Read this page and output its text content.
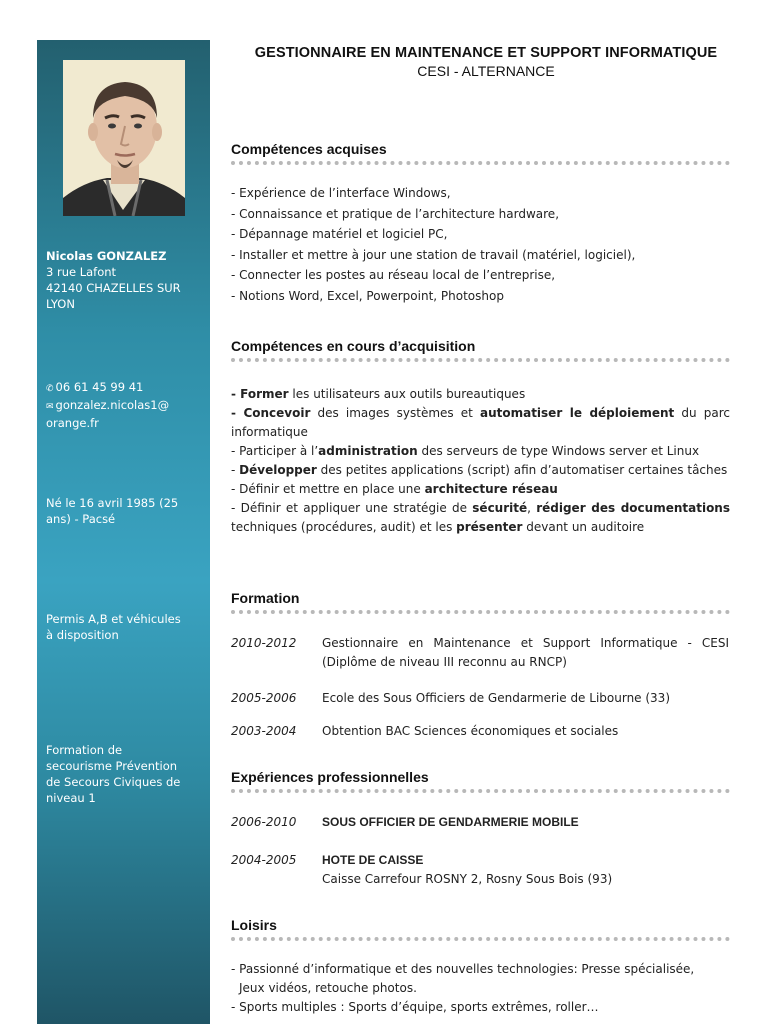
Nicolas GONZALEZ
3 rue Lafont
42140 CHAZELLES SUR
LYON
✆ 06 61 45 99 41
✉ gonzalez.nicolas1@
orange.fr
Né le 16 avril 1985 (25
ans) - Pacsé
Permis A,B et véhicules
à disposition
Formation de
secourisme Prévention
de Secours Civiques de
niveau 1
GESTIONNAIRE EN MAINTENANCE ET SUPPORT INFORMATIQUE
CESI - ALTERNANCE
Compétences acquises
- Expérience de l’interface Windows,
- Connaissance et pratique de l’architecture hardware,
- Dépannage matériel et logiciel PC,
- Installer et mettre à jour une station de travail (matériel, logiciel),
- Connecter les postes au réseau local de l’entreprise,
- Notions Word, Excel, Powerpoint, Photoshop
Compétences en cours d’acquisition

- Former les utilisateurs aux outils bureautiques

- Concevoir des images systèmes et automatiser le déploiement du parc informatique

- Participer à l’administration des serveurs de type Windows server et Linux

- Développer des petites applications (script) afin d’automatiser certaines tâches

- Définir et mettre en place une architecture réseau

- Définir et appliquer une stratégie de sécurité, rédiger des documentations techniques (procédures, audit) et les présenter devant un auditoire

Formation
2010-2012	Gestionnaire en Maintenance et Support Informatique - CESI (Diplôme de niveau III reconnu au RNCP)
2005-2006	Ecole des Sous Officiers de Gendarmerie de Libourne (33)
2003-2004	Obtention BAC Sciences économiques et sociales
Expériences professionnelles
2006-2010	SOUS OFFICIER DE GENDARMERIE MOBILE
2004-2005	HOTE DE CAISSE
Caisse Carrefour ROSNY 2, Rosny Sous Bois (93)
Loisirs
- Passionné d’informatique et des nouvelles technologies: Presse spécialisée,
Jeux vidéos, retouche photos.
- Sports multiples : Sports d’équipe, sports extrêmes, roller…
